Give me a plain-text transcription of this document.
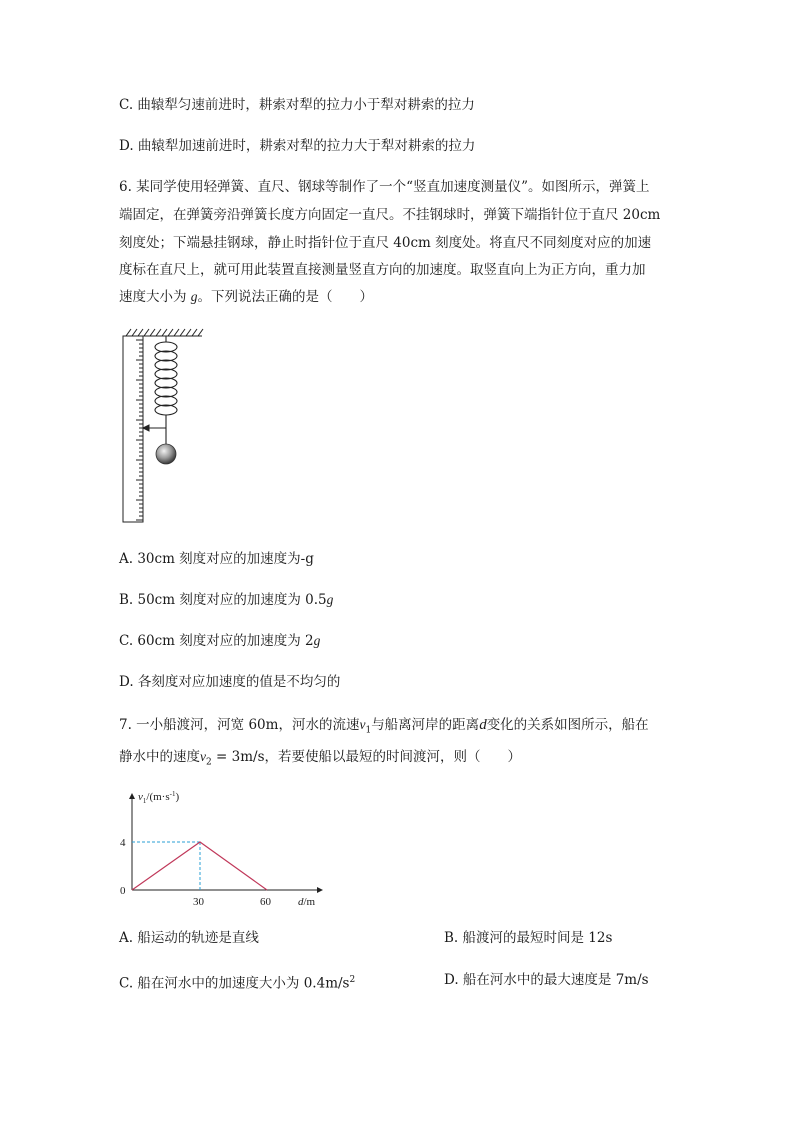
C. 曲辕犁匀速前进时，耕索对犁的拉力小于犁对耕索的拉力
D. 曲辕犁加速前进时，耕索对犁的拉力大于犁对耕索的拉力
6. 某同学使用轻弹簧、直尺、钢球等制作了一个“竖直加速度测量仪”。如图所示，弹簧上
端固定，在弹簧旁沿弹簧长度方向固定一直尺。不挂钢球时，弹簧下端指针位于直尺 20cm
刻度处；下端悬挂钢球，静止时指针位于直尺 40cm 刻度处。将直尺不同刻度对应的加速
度标在直尺上，就可用此装置直接测量竖直方向的加速度。取竖直向上为正方向，重力加
速度大小为 g。下列说法正确的是（　　）
A. 30cm 刻度对应的加速度为-g
B. 50cm 刻度对应的加速度为 0.5g
C. 60cm 刻度对应的加速度为 2g
D. 各刻度对应加速度的值是不均匀的
7. 一小船渡河，河宽 60m，河水的流速$v_1$与船离河岸的距离d变化的关系如图所示，船在
静水中的速度$v_2 = 3m/s$，若要使船以最短的时间渡河，则（　　）
$v_1/(m\cdot s^{-1})$
4
0
30	60 d/m
A. 船运动的轨迹是直线	B. 船渡河的最短时间是 12s
C. 船在河水中的加速度大小为 $0.4m/s^2$	D. 船在河水中的最大速度是 7m/s
